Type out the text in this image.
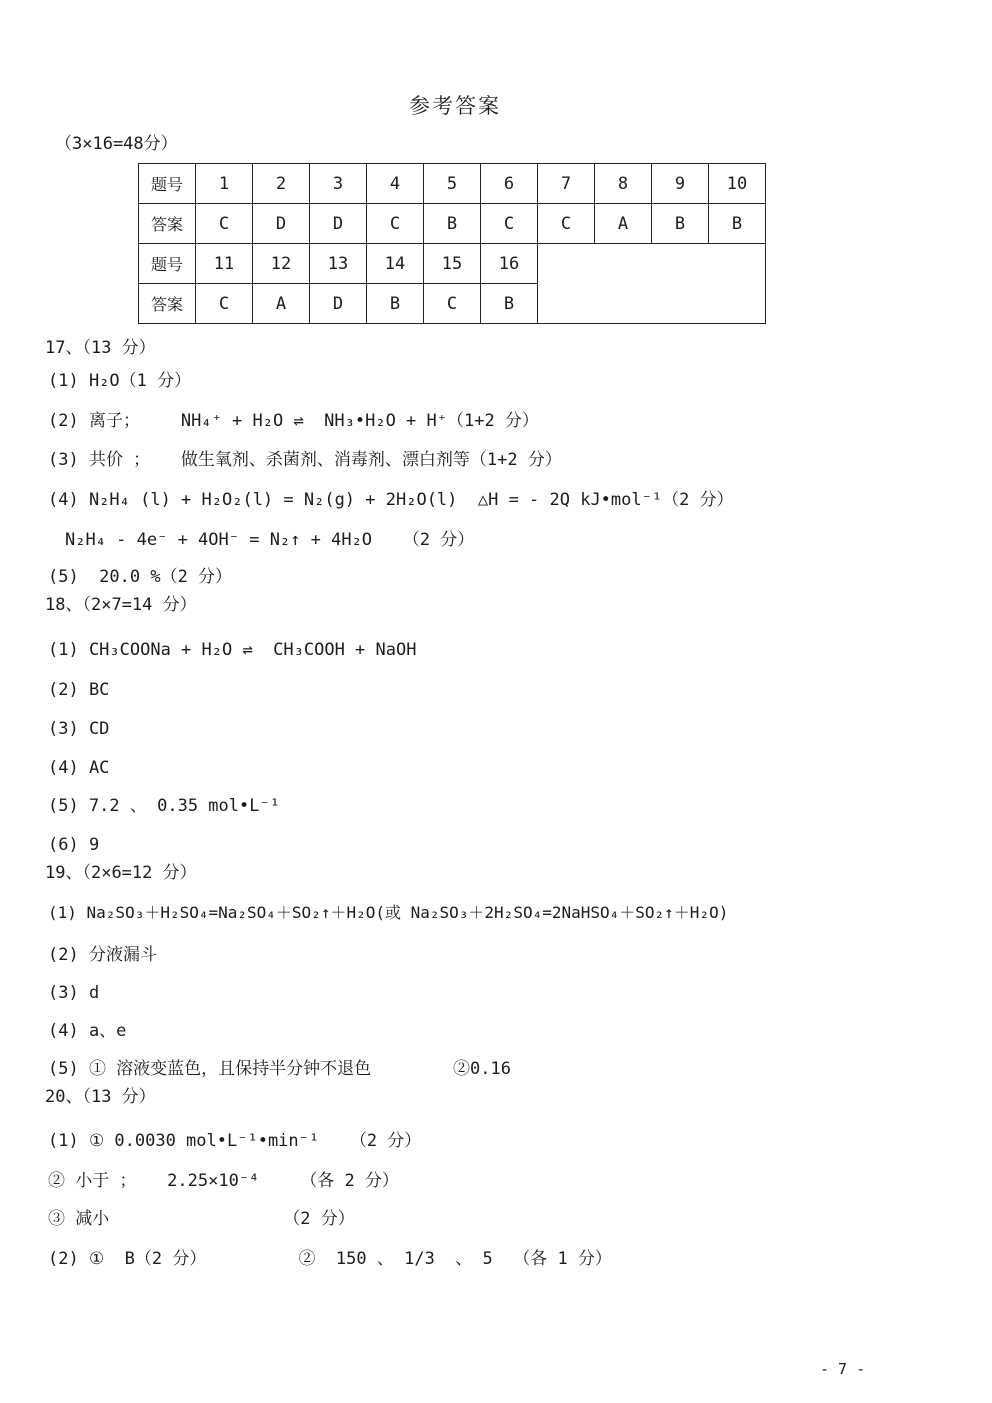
参考答案
（3×16=48分）
题号	1	2	3	4	5	6	7	8	9	10
答案	C	D	D	C	B	C	C	A	B	B
题号	11	12	13	14	15	16				
答案	C	A	D	B	C	B				
17、（13 分）
(1) H₂O（1 分）
(2) 离子；    NH₄⁺ + H₂O ⇌  NH₃•H₂O + H⁺（1+2 分）
(3) 共价 ；   做生氧剂、杀菌剂、消毒剂、漂白剂等（1+2 分）
(4) N₂H₄ (l) + H₂O₂(l) = N₂(g) + 2H₂O(l)  △H = - 2Q kJ•mol⁻¹（2 分）
N₂H₄ - 4e⁻ + 4OH⁻ = N₂↑ + 4H₂O   （2 分）
(5)  20.0 %（2 分）
18、（2×7=14 分）
(1) CH₃COONa + H₂O ⇌  CH₃COOH + NaOH
(2) BC
(3) CD
(4) AC
(5) 7.2 、 0.35 mol•L⁻¹
(6) 9
19、（2×6=12 分）
(1) Na₂SO₃＋H₂SO₄=Na₂SO₄＋SO₂↑＋H₂O(或 Na₂SO₃＋2H₂SO₄=2NaHSO₄＋SO₂↑＋H₂O)
(2) 分液漏斗
(3) d
(4) a、e
(5) ① 溶液变蓝色，且保持半分钟不退色        ②0.16
20、（13 分）
(1) ① 0.0030 mol•L⁻¹•min⁻¹   （2 分）
② 小于 ；   2.25×10⁻⁴    （各 2 分）
③ 减小                 （2 分）
(2) ①  B（2 分）         ②  150 、 1/3  、 5  （各 1 分）
- 7 -
